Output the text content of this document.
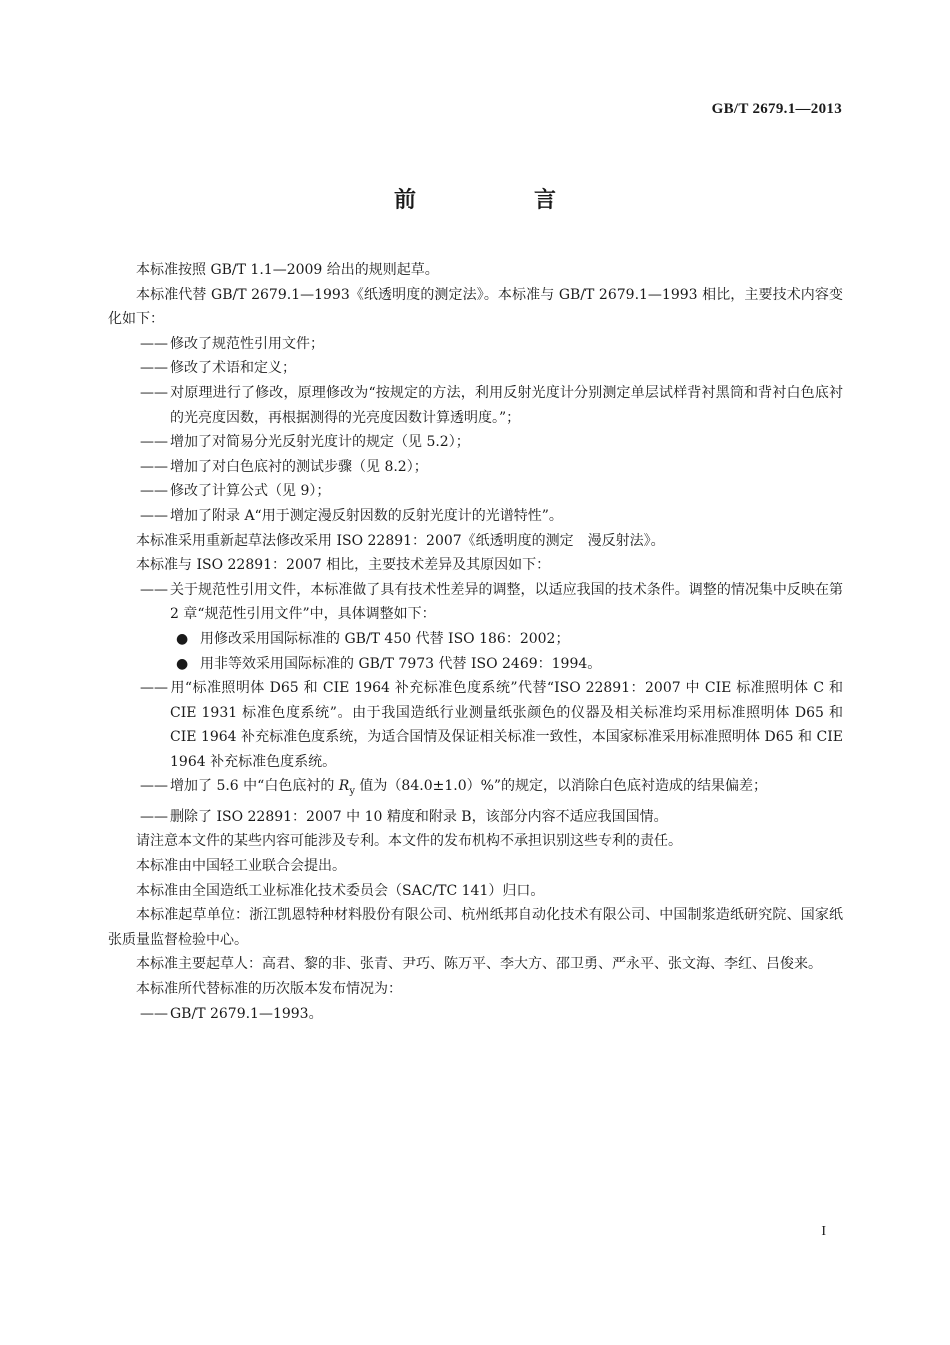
GB/T 2679.1—2013
前　言

本标准按照 GB/T 1.1—2009 给出的规则起草。

本标准代替 GB/T 2679.1—1993《纸透明度的测定法》。本标准与 GB/T 2679.1—1993 相比，主要技术内容变化如下：

—— 修改了规范性引用文件；

—— 修改了术语和定义；

—— 对原理进行了修改，原理修改为“按规定的方法，利用反射光度计分别测定单层试样背衬黑筒和背衬白色底衬的光亮度因数，再根据测得的光亮度因数计算透明度。”；

—— 增加了对简易分光反射光度计的规定（见 5.2）；

—— 增加了对白色底衬的测试步骤（见 8.2）；

—— 修改了计算公式（见 9）；

—— 增加了附录 A“用于测定漫反射因数的反射光度计的光谱特性”。

本标准采用重新起草法修改采用 ISO 22891：2007《纸透明度的测定　漫反射法》。

本标准与 ISO 22891：2007 相比，主要技术差异及其原因如下：

—— 关于规范性引用文件，本标准做了具有技术性差异的调整，以适应我国的技术条件。调整的情况集中反映在第 2 章“规范性引用文件”中，具体调整如下：

● 用修改采用国际标准的 GB/T 450 代替 ISO 186：2002；

● 用非等效采用国际标准的 GB/T 7973 代替 ISO 2469：1994。

—— 用“标准照明体 D65 和 CIE 1964 补充标准色度系统”代替“ISO 22891：2007 中 CIE 标准照明体 C 和 CIE 1931 标准色度系统”。由于我国造纸行业测量纸张颜色的仪器及相关标准均采用标准照明体 D65 和 CIE 1964 补充标准色度系统，为适合国情及保证相关标准一致性，本国家标准采用标准照明体 D65 和 CIE 1964 补充标准色度系统。

—— 增加了 5.6 中“白色底衬的 $R_y$ 值为（84.0±1.0）%”的规定，以消除白色底衬造成的结果偏差；

—— 删除了 ISO 22891：2007 中 10 精度和附录 B，该部分内容不适应我国国情。

请注意本文件的某些内容可能涉及专利。本文件的发布机构不承担识别这些专利的责任。

本标准由中国轻工业联合会提出。

本标准由全国造纸工业标准化技术委员会（SAC/TC 141）归口。

本标准起草单位：浙江凯恩特种材料股份有限公司、杭州纸邦自动化技术有限公司、中国制浆造纸研究院、国家纸张质量监督检验中心。

本标准主要起草人：高君、黎的非、张青、尹巧、陈万平、李大方、邵卫勇、严永平、张文海、李红、吕俊来。

本标准所代替标准的历次版本发布情况为：

—— GB/T 2679.1—1993。

I
